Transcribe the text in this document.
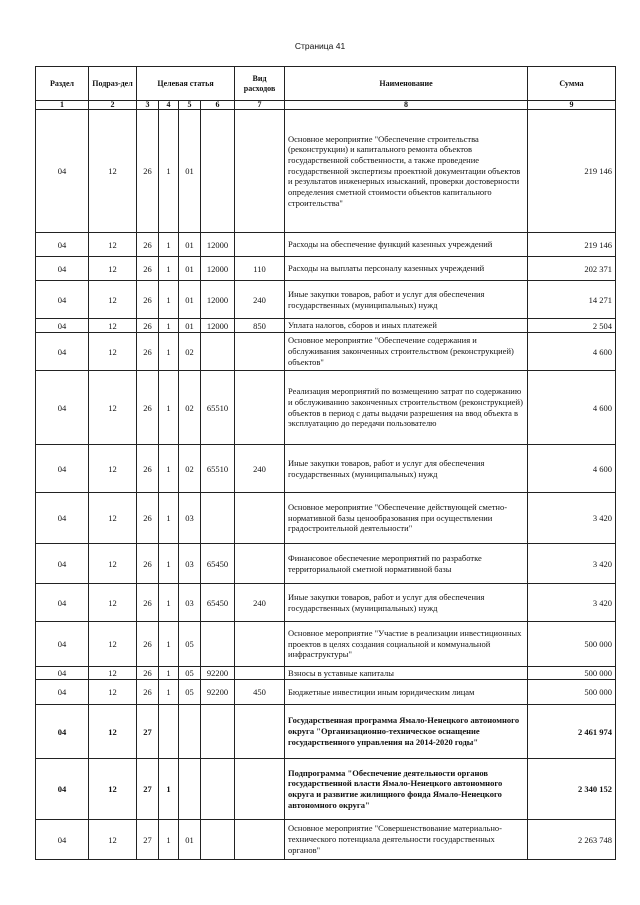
Страница 41
Раздел	Подраз-дел	Целевая статья				Вид расходов	Наименование	Сумма
1	2	3	4	5	6	7	8	9
04	12	26	1	01			Основное мероприятие "Обеспечение строительства (реконструкции) и капитального ремонта объектов государственной собственности, а также проведение государственной экспертизы проектной документации объектов и результатов инженерных изысканий, проверки достоверности определения сметной стоимости объектов капитального строительства"	219 146
04	12	26	1	01	12000		Расходы на обеспечение функций казенных учреждений	219 146
04	12	26	1	01	12000	110	Расходы на выплаты персоналу казенных учреждений	202 371
04	12	26	1	01	12000	240	Иные закупки товаров, работ и услуг для обеспечения государственных (муниципальных) нужд	14 271
04	12	26	1	01	12000	850	Уплата налогов, сборов и иных платежей	2 504
04	12	26	1	02			Основное мероприятие "Обеспечение содержания и обслуживания законченных строительством (реконструкцией) объектов"	4 600
04	12	26	1	02	65510		Реализация мероприятий по возмещению затрат по содержанию и обслуживанию законченных строительством (реконструкцией) объектов в период с даты выдачи разрешения на ввод объекта в эксплуатацию до передачи пользователю	4 600
04	12	26	1	02	65510	240	Иные закупки товаров, работ и услуг для обеспечения государственных (муниципальных) нужд	4 600
04	12	26	1	03			Основное мероприятие "Обеспечение действующей сметно-нормативной базы ценообразования при осуществлении градостроительной деятельности"	3 420
04	12	26	1	03	65450		Финансовое обеспечение мероприятий по разработке территориальной сметной нормативной базы	3 420
04	12	26	1	03	65450	240	Иные закупки товаров, работ и услуг для обеспечения государственных (муниципальных) нужд	3 420
04	12	26	1	05			Основное мероприятие "Участие в реализации инвестиционных проектов в целях создания социальной и коммунальной инфраструктуры"	500 000
04	12	26	1	05	92200		Взносы в уставные капиталы	500 000
04	12	26	1	05	92200	450	Бюджетные инвестиции иным юридическим лицам	500 000
04	12	27					Государственная программа Ямало-Ненецкого автономного округа "Организационно-техническое оснащение государственного управления на 2014-2020 годы"	2 461 974
04	12	27	1				Подпрограмма "Обеспечение деятельности органов государственной власти Ямало-Ненецкого автономного округа и развитие жилищного фонда Ямало-Ненецкого автономного округа"	2 340 152
04	12	27	1	01			Основное мероприятие "Совершенствование материально-технического потенциала деятельности государственных органов"	2 263 748
